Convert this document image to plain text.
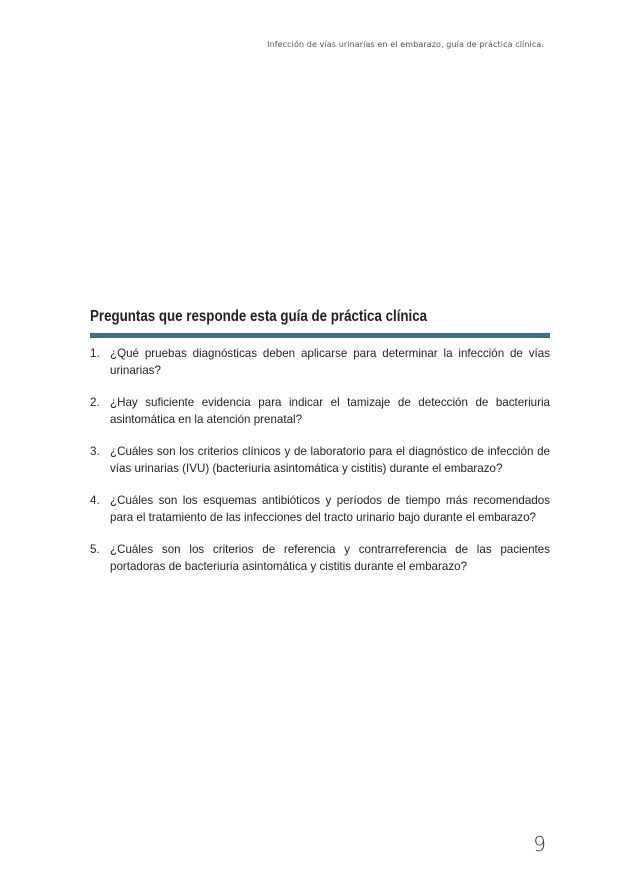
Infección de vías urinarias en el embarazo, guía de práctica clínica.
Preguntas que responde esta guía de práctica clínica
1. ¿Qué pruebas diagnósticas deben aplicarse para determinar la infección de vías urinarias?
2. ¿Hay suficiente evidencia para indicar el tamizaje de detección de bacteriuria asintomática en la atención prenatal?
3. ¿Cuáles son los criterios clínicos y de laboratorio para el diagnóstico de infección de vías urinarias (IVU) (bacteriuria asintomática y cistitis) durante el embarazo?
4. ¿Cuáles son los esquemas antibióticos y períodos de tiempo más recomendados para el tratamiento de las infecciones del tracto urinario bajo durante el embarazo?
5. ¿Cuáles son los criterios de referencia y contrarreferencia de las pacientes portadoras de bacteriuria asintomática y cistitis durante el embarazo?
9
